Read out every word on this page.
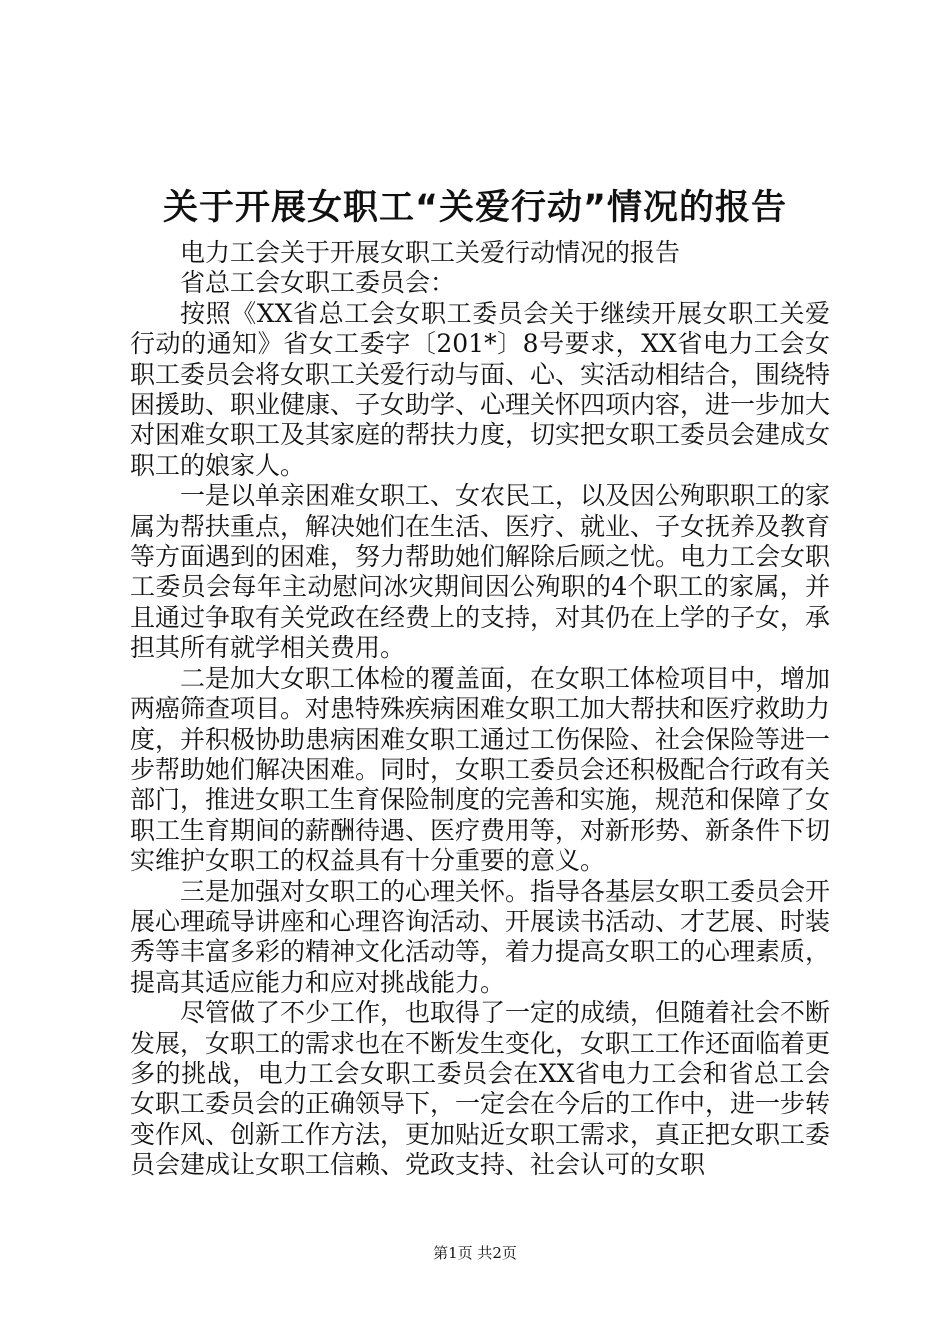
关于开展女职工“关爱行动”情况的报告

电力工会关于开展女职工关爱行动情况的报告

省总工会女职工委员会：

按照《XX省总工会女职工委员会关于继续开展女职工关爱行动的通知》省女工委字〔201*〕8号要求，XX省电力工会女职工委员会将女职工关爱行动与面、心、实活动相结合，围绕特困援助、职业健康、子女助学、心理关怀四项内容，进一步加大对困难女职工及其家庭的帮扶力度，切实把女职工委员会建成女职工的娘家人。

一是以单亲困难女职工、女农民工，以及因公殉职职工的家属为帮扶重点，解决她们在生活、医疗、就业、子女抚养及教育等方面遇到的困难，努力帮助她们解除后顾之忧。电力工会女职工委员会每年主动慰问冰灾期间因公殉职的4个职工的家属，并且通过争取有关党政在经费上的支持，对其仍在上学的子女，承担其所有就学相关费用。

二是加大女职工体检的覆盖面，在女职工体检项目中，增加两癌筛查项目。对患特殊疾病困难女职工加大帮扶和医疗救助力度，并积极协助患病困难女职工通过工伤保险、社会保险等进一步帮助她们解决困难。同时，女职工委员会还积极配合行政有关部门，推进女职工生育保险制度的完善和实施，规范和保障了女职工生育期间的薪酬待遇、医疗费用等，对新形势、新条件下切实维护女职工的权益具有十分重要的意义。

三是加强对女职工的心理关怀。指导各基层女职工委员会开展心理疏导讲座和心理咨询活动、开展读书活动、才艺展、时装秀等丰富多彩的精神文化活动等，着力提高女职工的心理素质，提高其适应能力和应对挑战能力。

尽管做了不少工作，也取得了一定的成绩，但随着社会不断发展，女职工的需求也在不断发生变化，女职工工作还面临着更多的挑战，电力工会女职工委员会在XX省电力工会和省总工会女职工委员会的正确领导下，一定会在今后的工作中，进一步转变作风、创新工作方法，更加贴近女职工需求，真正把女职工委员会建成让女职工信赖、党政支持、社会认可的女职

第1页 共2页
